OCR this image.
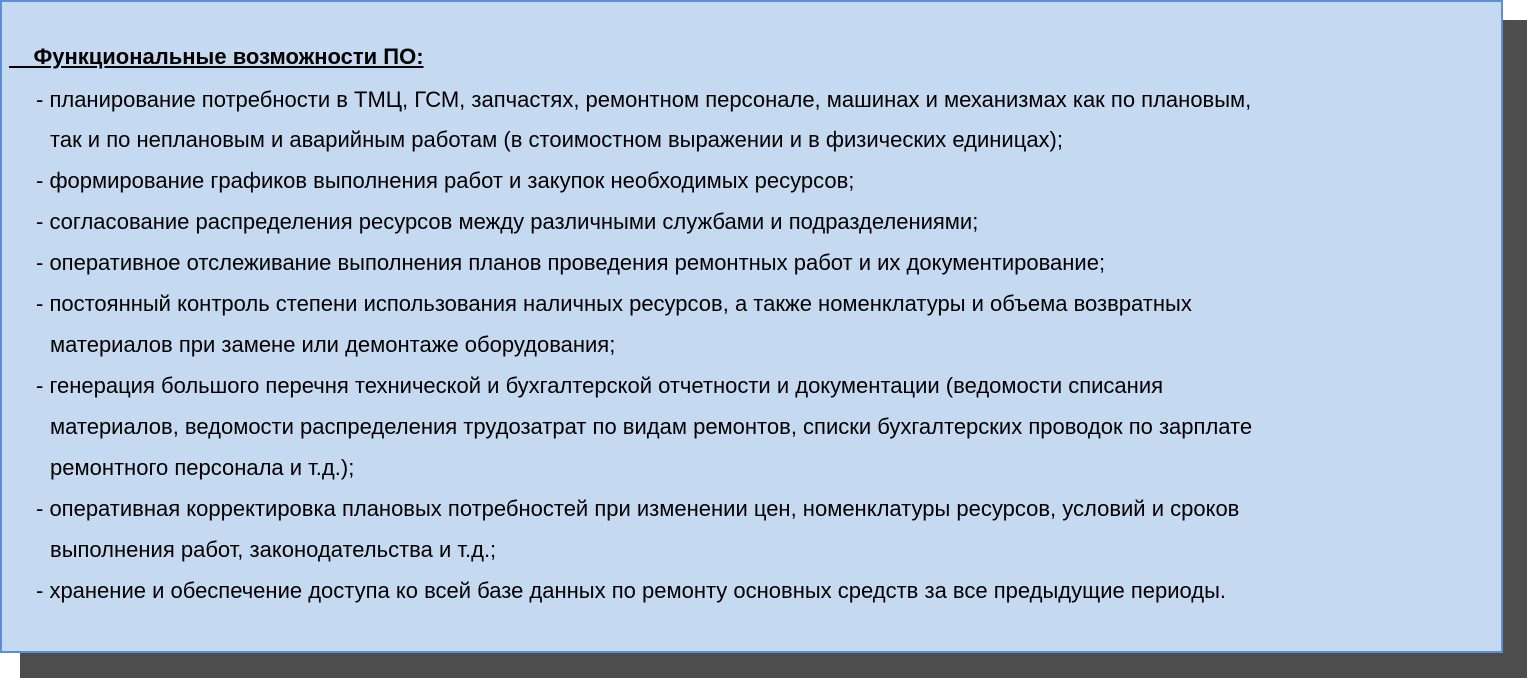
Функциональные возможности ПО:
- планирование потребности в ТМЦ, ГСМ, запчастях, ремонтном персонале, машинах и механизмах как по плановым,
так и по неплановым и аварийным работам (в стоимостном выражении и в физических единицах);
- формирование графиков выполнения работ и закупок необходимых ресурсов;
- согласование распределения ресурсов между различными службами и подразделениями;
- оперативное отслеживание выполнения планов проведения ремонтных работ и их документирование;
- постоянный контроль степени использования наличных ресурсов, а также номенклатуры и объема возвратных
материалов при замене или демонтаже оборудования;
- генерация большого перечня технической и бухгалтерской отчетности и документации (ведомости списания
материалов, ведомости распределения трудозатрат по видам ремонтов, списки бухгалтерских проводок по зарплате
ремонтного персонала и т.д.);
- оперативная корректировка плановых потребностей при изменении цен, номенклатуры ресурсов, условий и сроков
выполнения работ, законодательства и т.д.;
- хранение и обеспечение доступа ко всей базе данных по ремонту основных средств за все предыдущие периоды.
